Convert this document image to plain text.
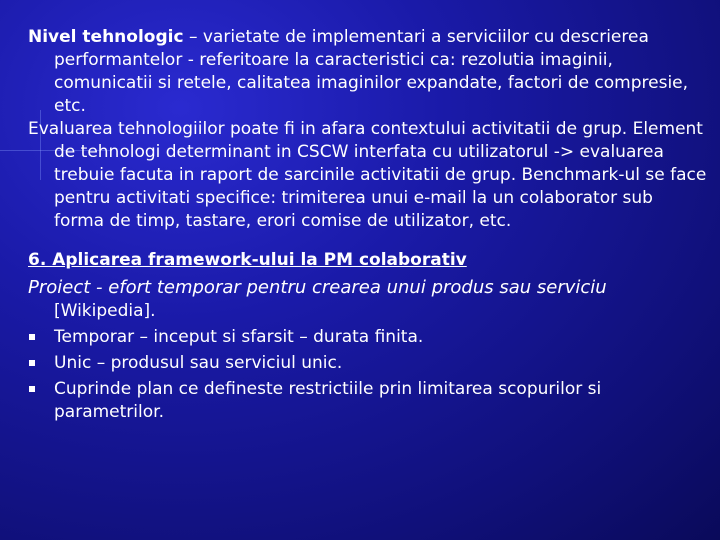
Nivel tehnologic – varietate de implementari a serviciilor cu descrierea performantelor - referitoare la caracteristici ca: rezolutia imaginii, comunicatii si retele, calitatea imaginilor expandate, factori de compresie, etc.

Evaluarea tehnologiilor poate fi in afara contextului activitatii de grup. Element de tehnologi determinant in CSCW interfata cu utilizatorul -> evaluarea trebuie facuta in raport de sarcinile activitatii de grup. Benchmark-ul se face pentru activitati specifice: trimiterea unui e-mail la un colaborator sub forma de timp, tastare, erori comise de utilizator, etc.

6. Aplicarea framework-ului la PM colaborativ

Proiect - efort temporar pentru crearea unui produs sau serviciu

[Wikipedia].

Temporar – inceput si sfarsit – durata finita.
Unic – produsul sau serviciul unic.
Cuprinde plan ce defineste restrictiile prin limitarea scopurilor si parametrilor.
